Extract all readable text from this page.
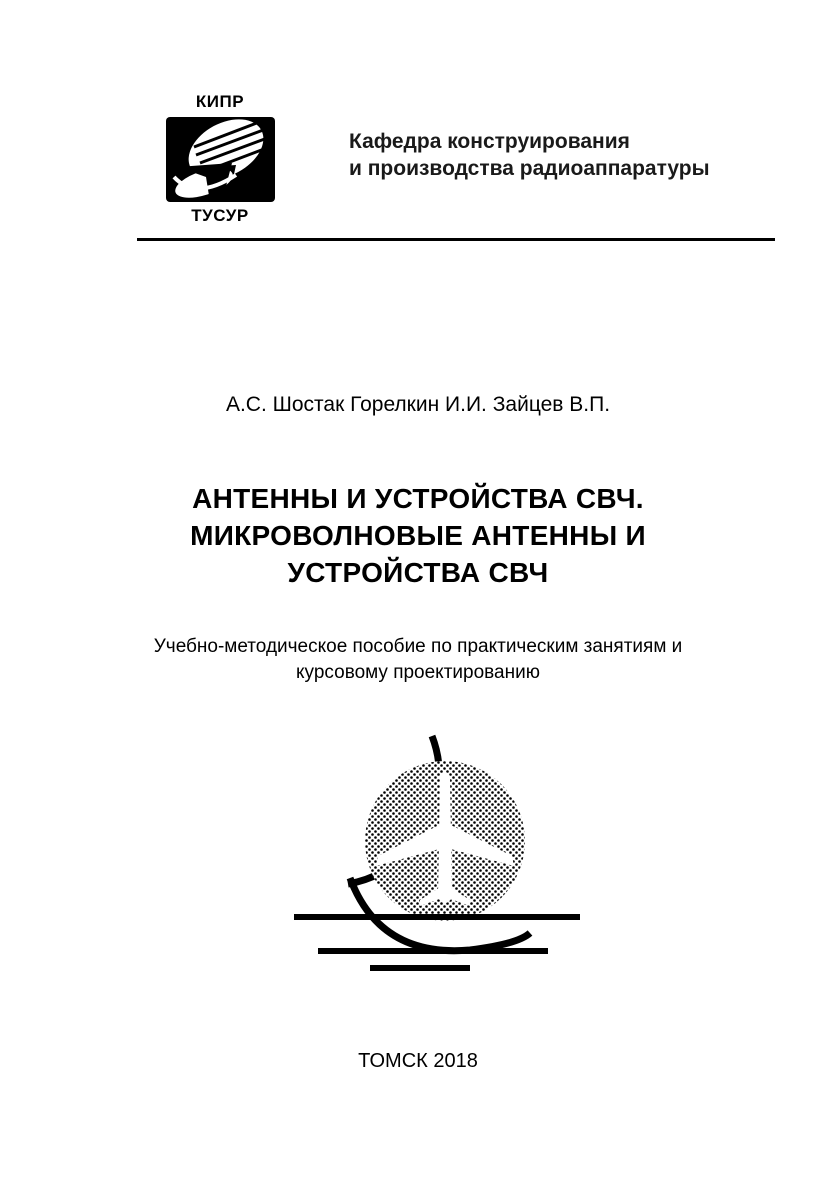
КИПР
ТУСУР
Кафедра конструирования
и производства радиоаппаратуры
А.С. Шостак Горелкин И.И. Зайцев В.П.
АНТЕННЫ И УСТРОЙСТВА СВЧ.
МИКРОВОЛНОВЫЕ АНТЕННЫ И
УСТРОЙСТВА СВЧ
Учебно-методическое пособие по практическим занятиям и
курсовому проектированию
ТОМСК 2018
